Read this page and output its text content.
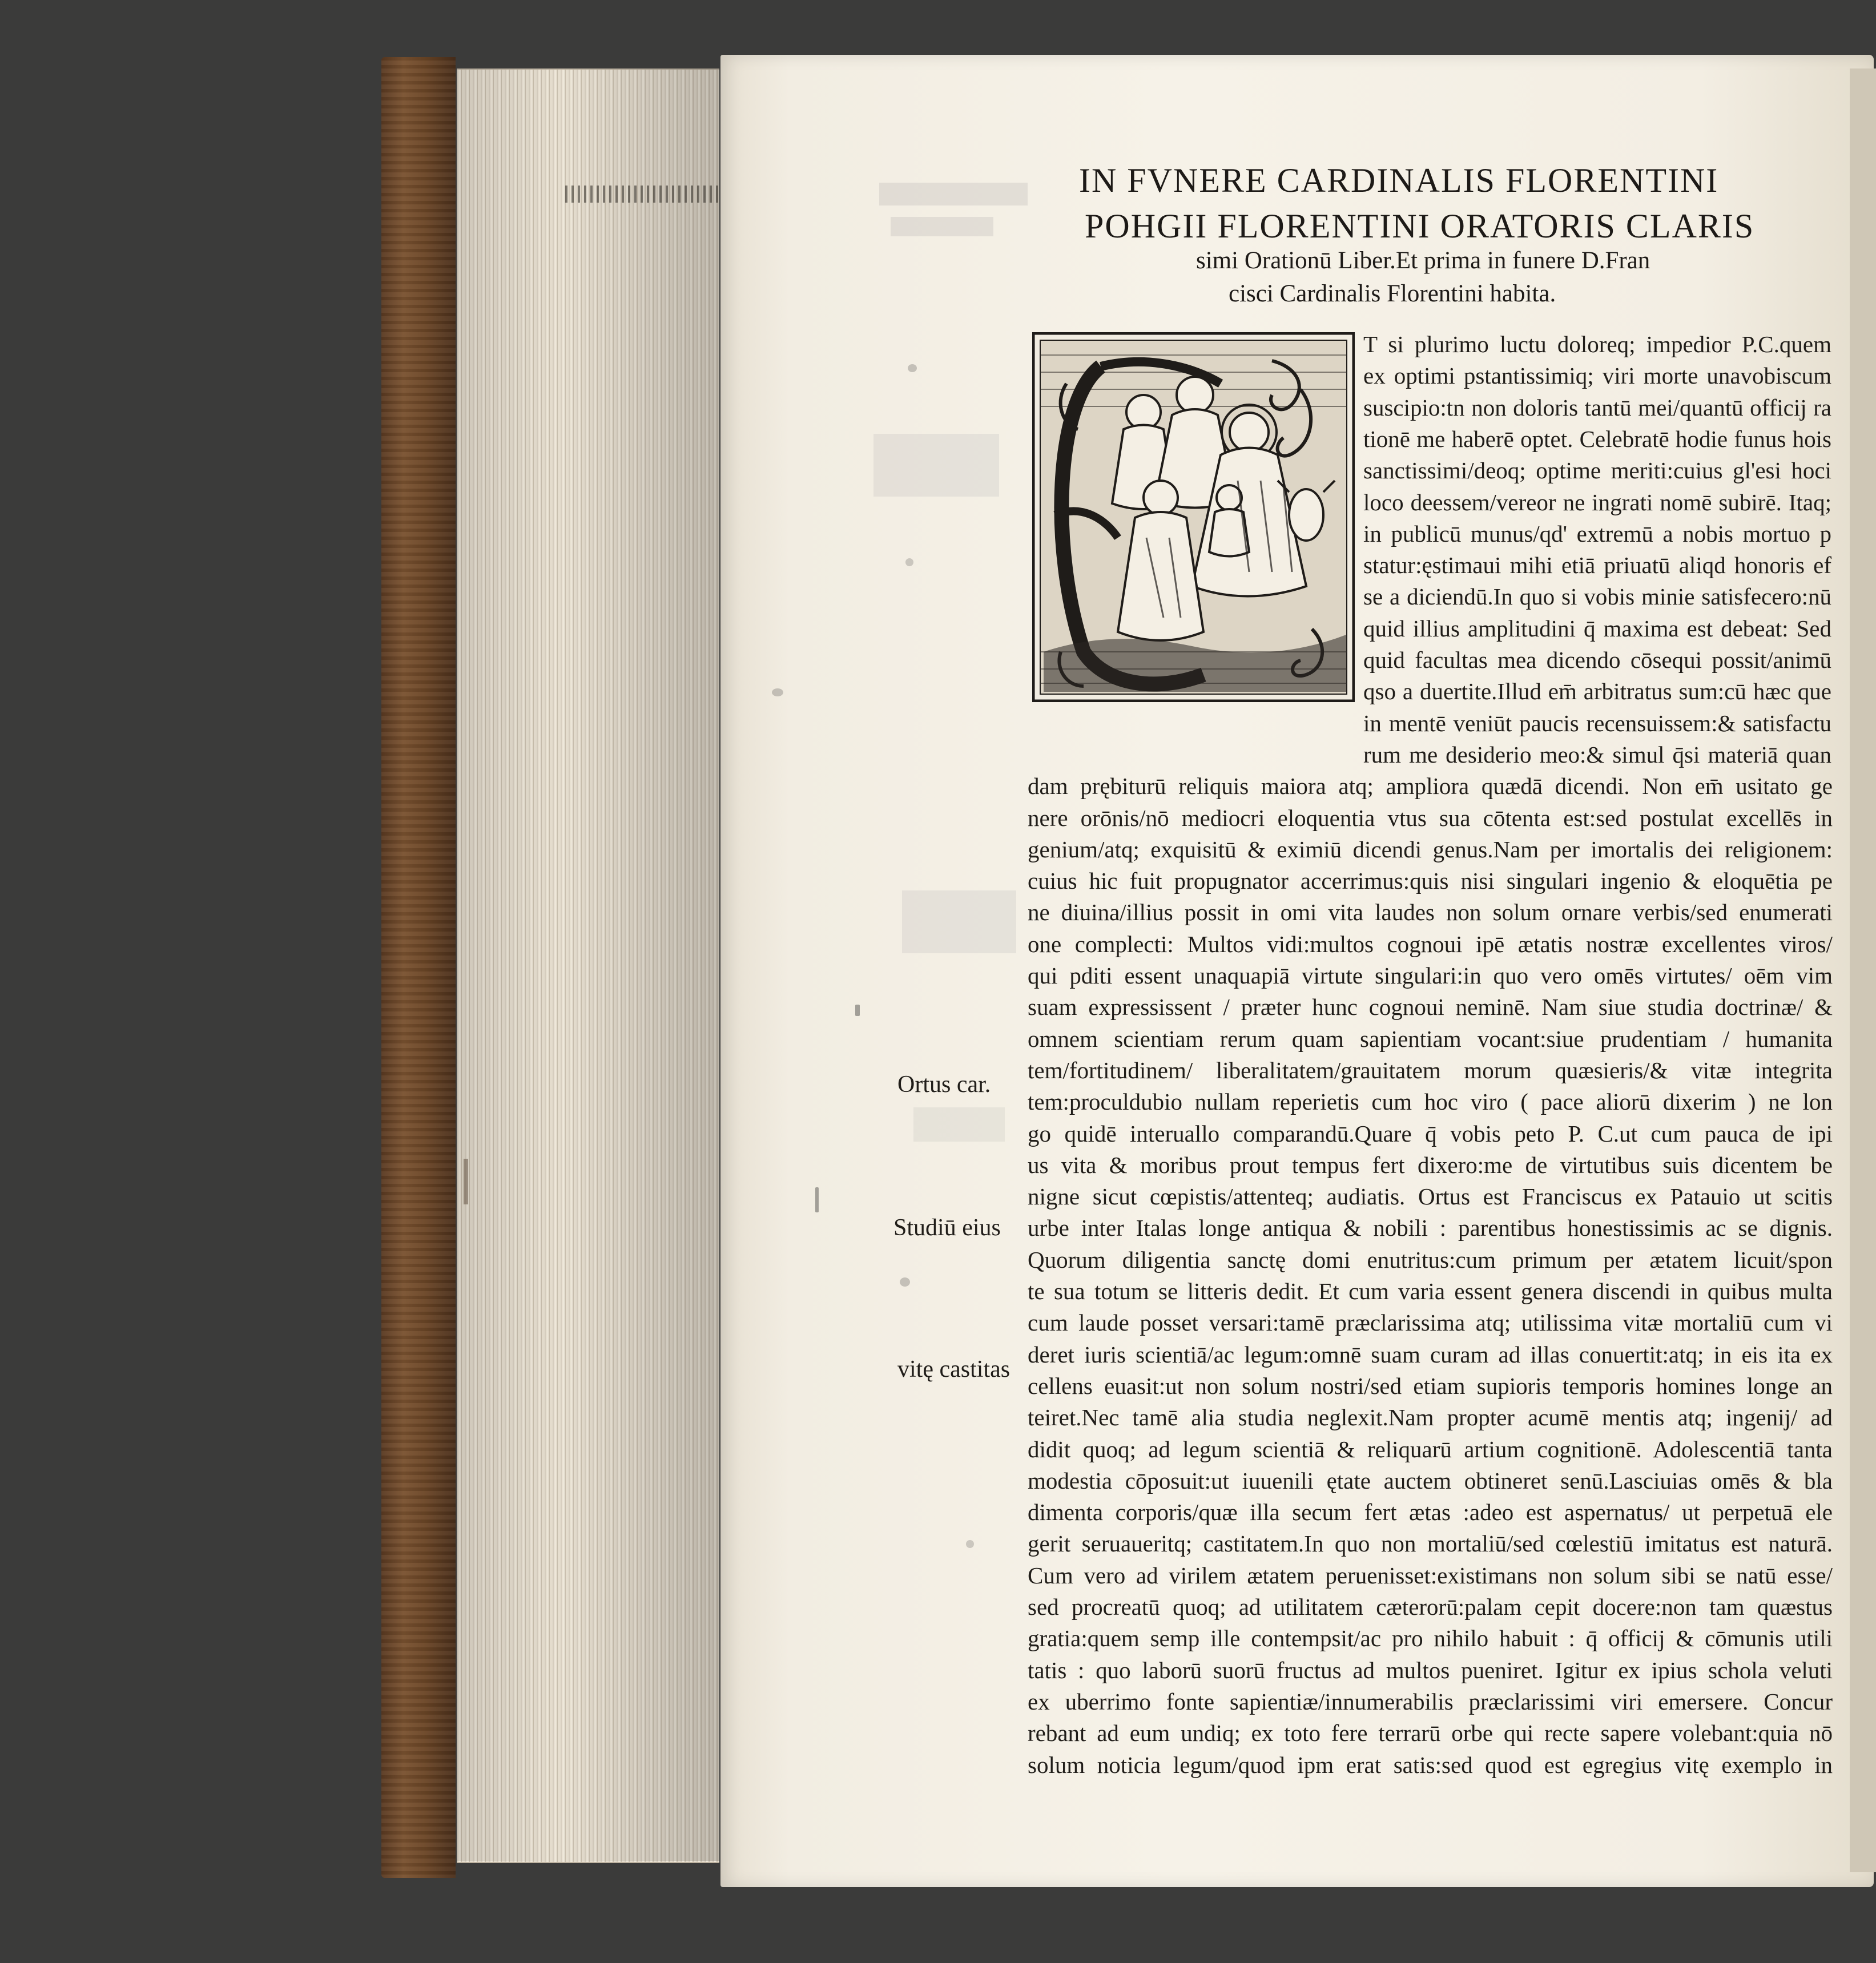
IN FVNERE CARDINALIS FLORENTINI
POHGII FLORENTINI ORATORIS CLARIS
simi Orationū Liber.Et prima in funere D.Fran
cisci Cardinalis Florentini habita.
T si plurimo luctu doloreq; impedior P.C.quem
ex optimi pstantissimiq; viri morte unavobiscum
suscipio:tn non doloris tantū mei/quantū officij ra
tionē me haberē optet. Celebratē hodie funus hois
sanctissimi/deoq; optime meriti:cuius gl'esi hoci
loco deessem/vereor ne ingrati nomē subirē. Itaq;
in publicū munus/qd' extremū a nobis mortuo p
statur:ęstimaui mihi etiā priuatū aliqd honoris ef
se a diciendū.In quo si vobis minie satisfecero:nū
quid illius amplitudini q̄ maxima est debeat: Sed
quid facultas mea dicendo cōsequi possit/animū
qso a duertite.Illud em̄ arbitratus sum:cū hæc que
in mentē veniūt paucis recensuissem:& satisfactu
rum me desiderio meo:& simul q̄si materiā quan
dam prębiturū reliquis maiora atq; ampliora quædā dicendi. Non em̄ usitato ge
nere orōnis/nō mediocri eloquentia vtus sua cōtenta est:sed postulat excellēs in
genium/atq; exquisitū & eximiū dicendi genus.Nam per imortalis dei religionem:
cuius hic fuit propugnator accerrimus:quis nisi singulari ingenio & eloquētia pe
ne diuina/illius possit in omi vita laudes non solum ornare verbis/sed enumerati
one complecti: Multos vidi:multos cognoui ipē ætatis nostræ excellentes viros/
qui pditi essent unaquapiā virtute singulari:in quo vero omēs virtutes/ oēm vim
suam expressissent / præter hunc cognoui neminē. Nam siue studia doctrinæ/ &
omnem scientiam rerum quam sapientiam vocant:siue prudentiam / humanita
tem/fortitudinem/ liberalitatem/grauitatem morum quæsieris/& vitæ integrita
tem:proculdubio nullam reperietis cum hoc viro ( pace aliorū dixerim ) ne lon
go quidē interuallo comparandū.Quare q̄ vobis peto P. C.ut cum pauca de ipi
us vita & moribus prout tempus fert dixero:me de virtutibus suis dicentem be
nigne sicut cœpistis/attenteq; audiatis. Ortus est Franciscus ex Patauio ut scitis
urbe inter Italas longe antiqua & nobili : parentibus honestissimis ac se dignis.
Quorum diligentia sanctę domi enutritus:cum primum per ætatem licuit/spon
te sua totum se litteris dedit. Et cum varia essent genera discendi in quibus multa
cum laude posset versari:tamē præclarissima atq; utilissima vitæ mortaliū cum vi
deret iuris scientiā/ac legum:omnē suam curam ad illas conuertit:atq; in eis ita ex
cellens euasit:ut non solum nostri/sed etiam supioris temporis homines longe an
teiret.Nec tamē alia studia neglexit.Nam propter acumē mentis atq; ingenij/ ad
didit quoq; ad legum scientiā & reliquarū artium cognitionē. Adolescentiā tanta
modestia cōposuit:ut iuuenili ętate auctem obtineret senū.Lasciuias omēs & bla
dimenta corporis/quæ illa secum fert ætas :adeo est aspernatus/ ut perpetuā ele
gerit seruaueritq; castitatem.In quo non mortaliū/sed cœlestiū imitatus est naturā.
Cum vero ad virilem ætatem peruenisset:existimans non solum sibi se natū esse/
sed procreatū quoq; ad utilitatem cæterorū:palam cepit docere:non tam quæstus
gratia:quem semp ille contempsit/ac pro nihilo habuit : q̄ officij & cōmunis utili
tatis : quo laborū suorū fructus ad multos pueniret. Igitur ex ipius schola veluti
ex uberrimo fonte sapientiæ/innumerabilis præclarissimi viri emersere. Concur
rebant ad eum undiq; ex toto fere terrarū orbe qui recte sapere volebant:quia nō
solum noticia legum/quod ipm erat satis:sed quod est egregius vitę exemplo in
Ortus car.
Studiū eius
vitę castitas
